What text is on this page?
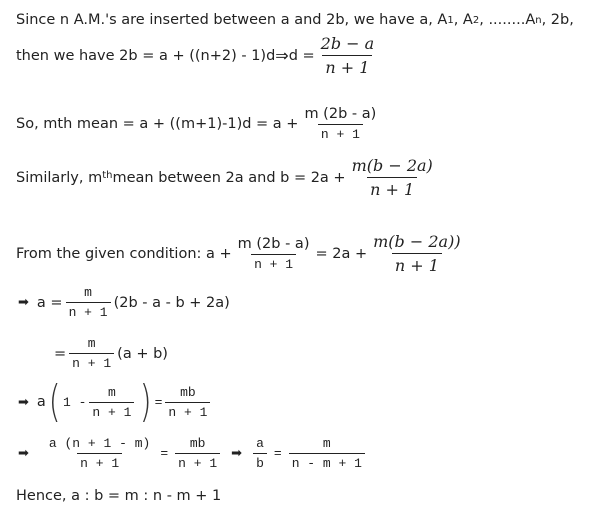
Since n A.M.'s are inserted between a and 2b, we have a, A 1 , A 2 , ........A n , 2b,
then we have 2b = a + ((n+2) - 1)d ⇒ $d = \frac{2b - a}{n + 1}$
So, mth mean = $a + ((m+1)-1)d = a + \frac{m (2b - a)}{n + 1}$
Similarly, $m^{th}$ mean between 2a and $b = 2a + \frac{m(b - 2a)}{n + 1}$
From the given condition: $a + \frac{m (2b - a)}{n + 1} = 2a + \frac{m(b - 2a))}{n + 1}$
➡ $a = \frac{m}{n + 1} (2b - a - b + 2a)$
= $\frac{m}{n + 1} (a + b)$
➡ a ( $1 - \frac{m}{n + 1}$ ) = $\frac{mb}{n + 1}$
➡ $\frac{a (n + 1 - m)}{n + 1} = \frac{mb}{n + 1}$ ➡ $\frac{a}{b} = \frac{m}{n - m + 1}$
Hence, a : b = m : n - m + 1
